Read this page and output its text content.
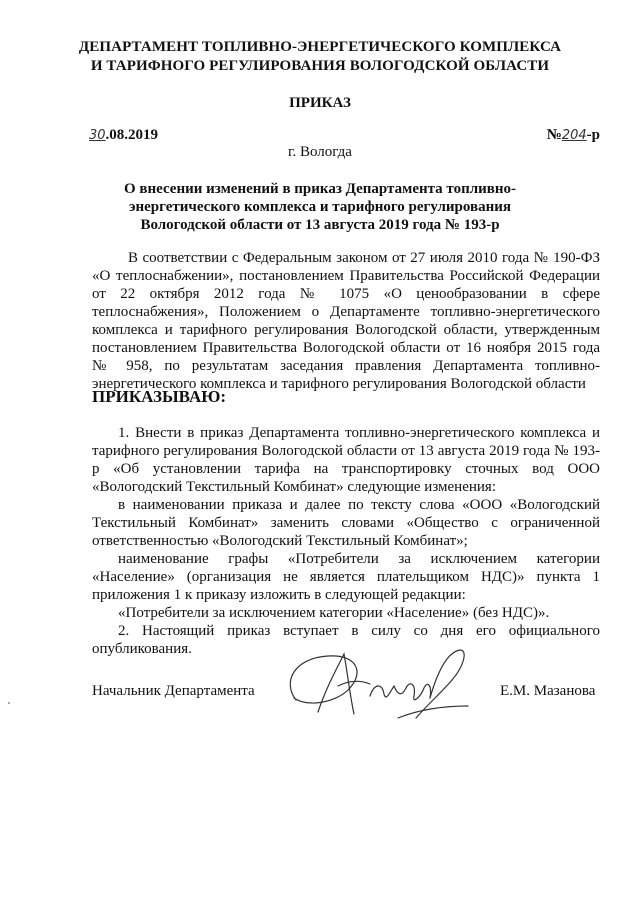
ДЕПАРТАМЕНТ ТОПЛИВНО-ЭНЕРГЕТИЧЕСКОГО КОМПЛЕКСА
И ТАРИФНОГО РЕГУЛИРОВАНИЯ ВОЛОГОДСКОЙ ОБЛАСТИ
ПРИКАЗ
30.08.2019	№204-р
г. Вологда
О внесении изменений в приказ Департамента топливно-энергетического комплекса и тарифного регулирования Вологодской области от 13 августа 2019 года № 193-р
В соответствии с Федеральным законом от 27 июля 2010 года № 190-ФЗ «О теплоснабжении», постановлением Правительства Российской Федерации от 22 октября 2012 года № 1075 «О ценообразовании в сфере теплоснабжения», Положением о Департаменте топливно-энергетического комплекса и тарифного регулирования Вологодской области, утвержденным постановлением Правительства Вологодской области от 16 ноября 2015 года № 958, по результатам заседания правления Департамента топливно-энергетического комплекса и тарифного регулирования Вологодской области
ПРИКАЗЫВАЮ:

1. Внести в приказ Департамента топливно-энергетического комплекса и тарифного регулирования Вологодской области от 13 августа 2019 года № 193-р «Об установлении тарифа на транспортировку сточных вод ООО «Вологодский Текстильный Комбинат» следующие изменения:

в наименовании приказа и далее по тексту слова «ООО «Вологодский Текстильный Комбинат» заменить словами «Общество с ограниченной ответственностью «Вологодский Текстильный Комбинат»;

наименование графы «Потребители за исключением категории «Население» (организация не является плательщиком НДС)» пункта 1 приложения 1 к приказу изложить в следующей редакции:

«Потребители за исключением категории «Население» (без НДС)».

2. Настоящий приказ вступает в силу со дня его официального опубликования.

Начальник Департамента	Е.М. Мазанова
